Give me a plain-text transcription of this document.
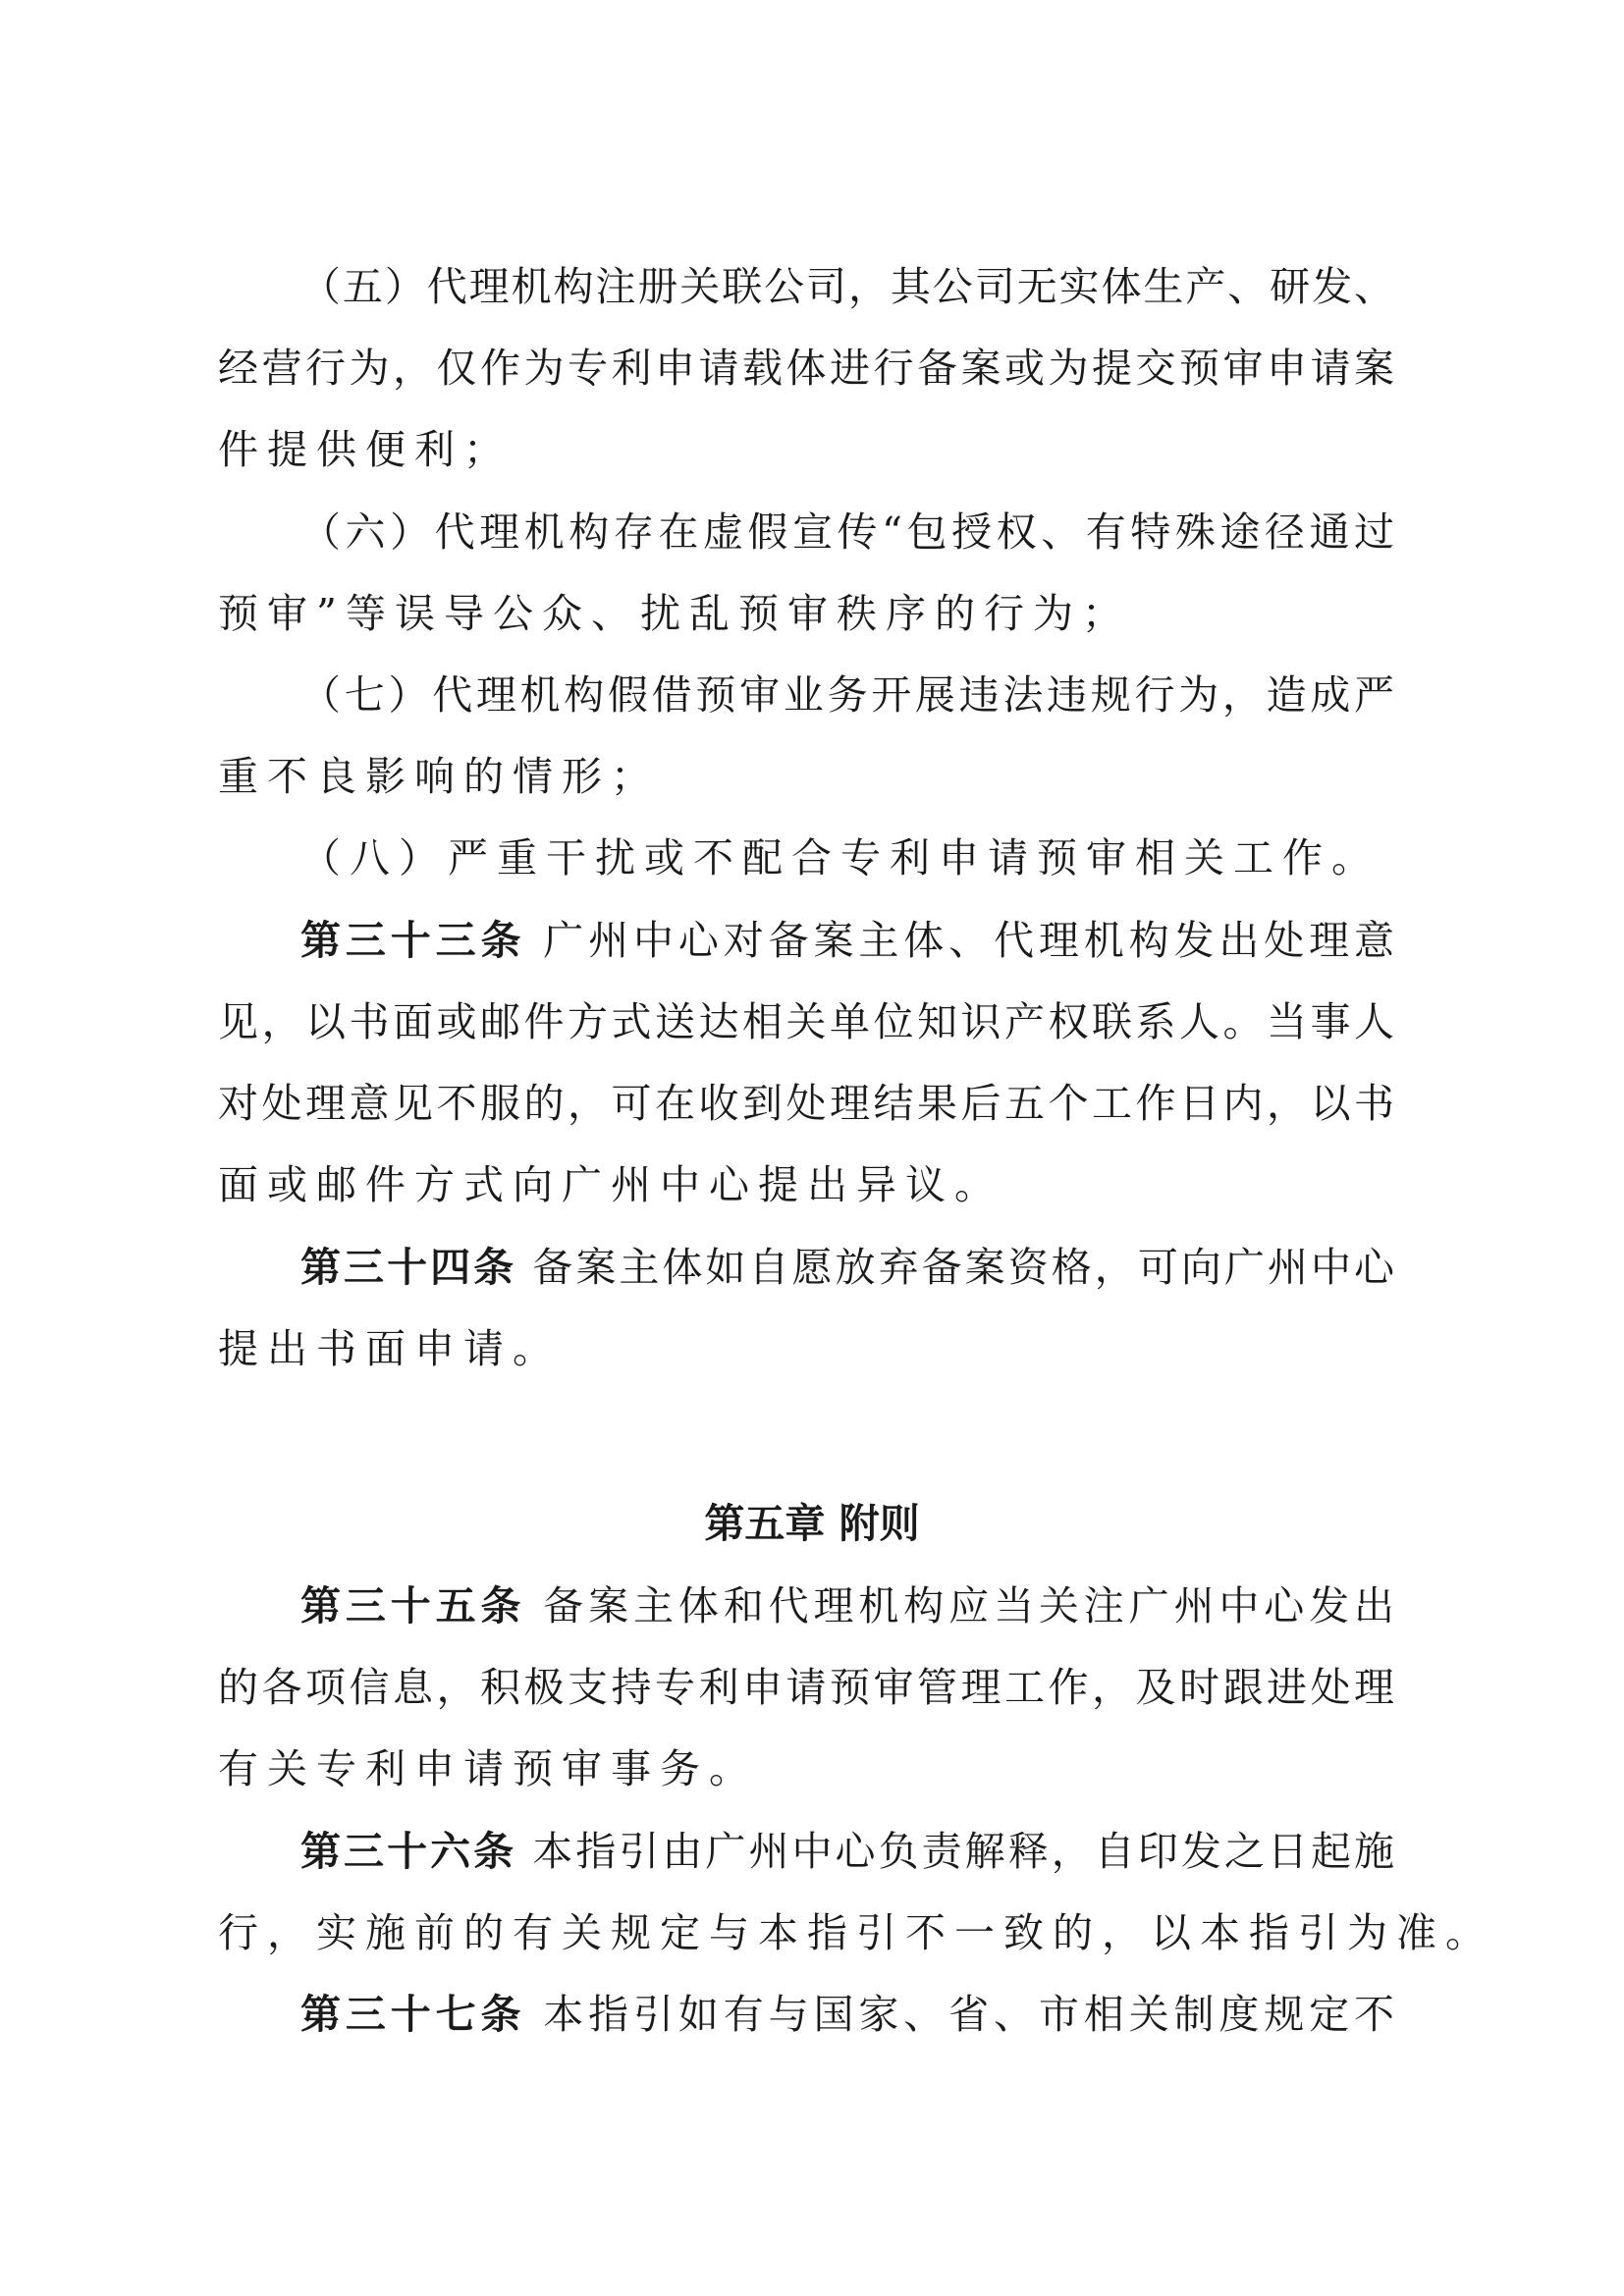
（五）代理机构注册关联公司，其公司无实体生产、研发、
经营行为，仅作为专利申请载体进行备案或为提交预审申请案
件提供便利；
（六）代理机构存在虚假宣传“包授权、有特殊途径通过
预审”等误导公众、扰乱预审秩序的行为；
（七）代理机构假借预审业务开展违法违规行为，造成严
重不良影响的情形；
（八）严重干扰或不配合专利申请预审相关工作。
第三十三条 广州中心对备案主体、代理机构发出处理意
见，以书面或邮件方式送达相关单位知识产权联系人。当事人
对处理意见不服的，可在收到处理结果后五个工作日内，以书
面或邮件方式向广州中心提出异议。
第三十四条 备案主体如自愿放弃备案资格，可向广州中心
提出书面申请。
第五章 附则
第三十五条 备案主体和代理机构应当关注广州中心发出
的各项信息，积极支持专利申请预审管理工作，及时跟进处理
有关专利申请预审事务。
第三十六条 本指引由广州中心负责解释，自印发之日起施
行，实施前的有关规定与本指引不一致的，以本指引为准。
第三十七条 本指引如有与国家、省、市相关制度规定不
